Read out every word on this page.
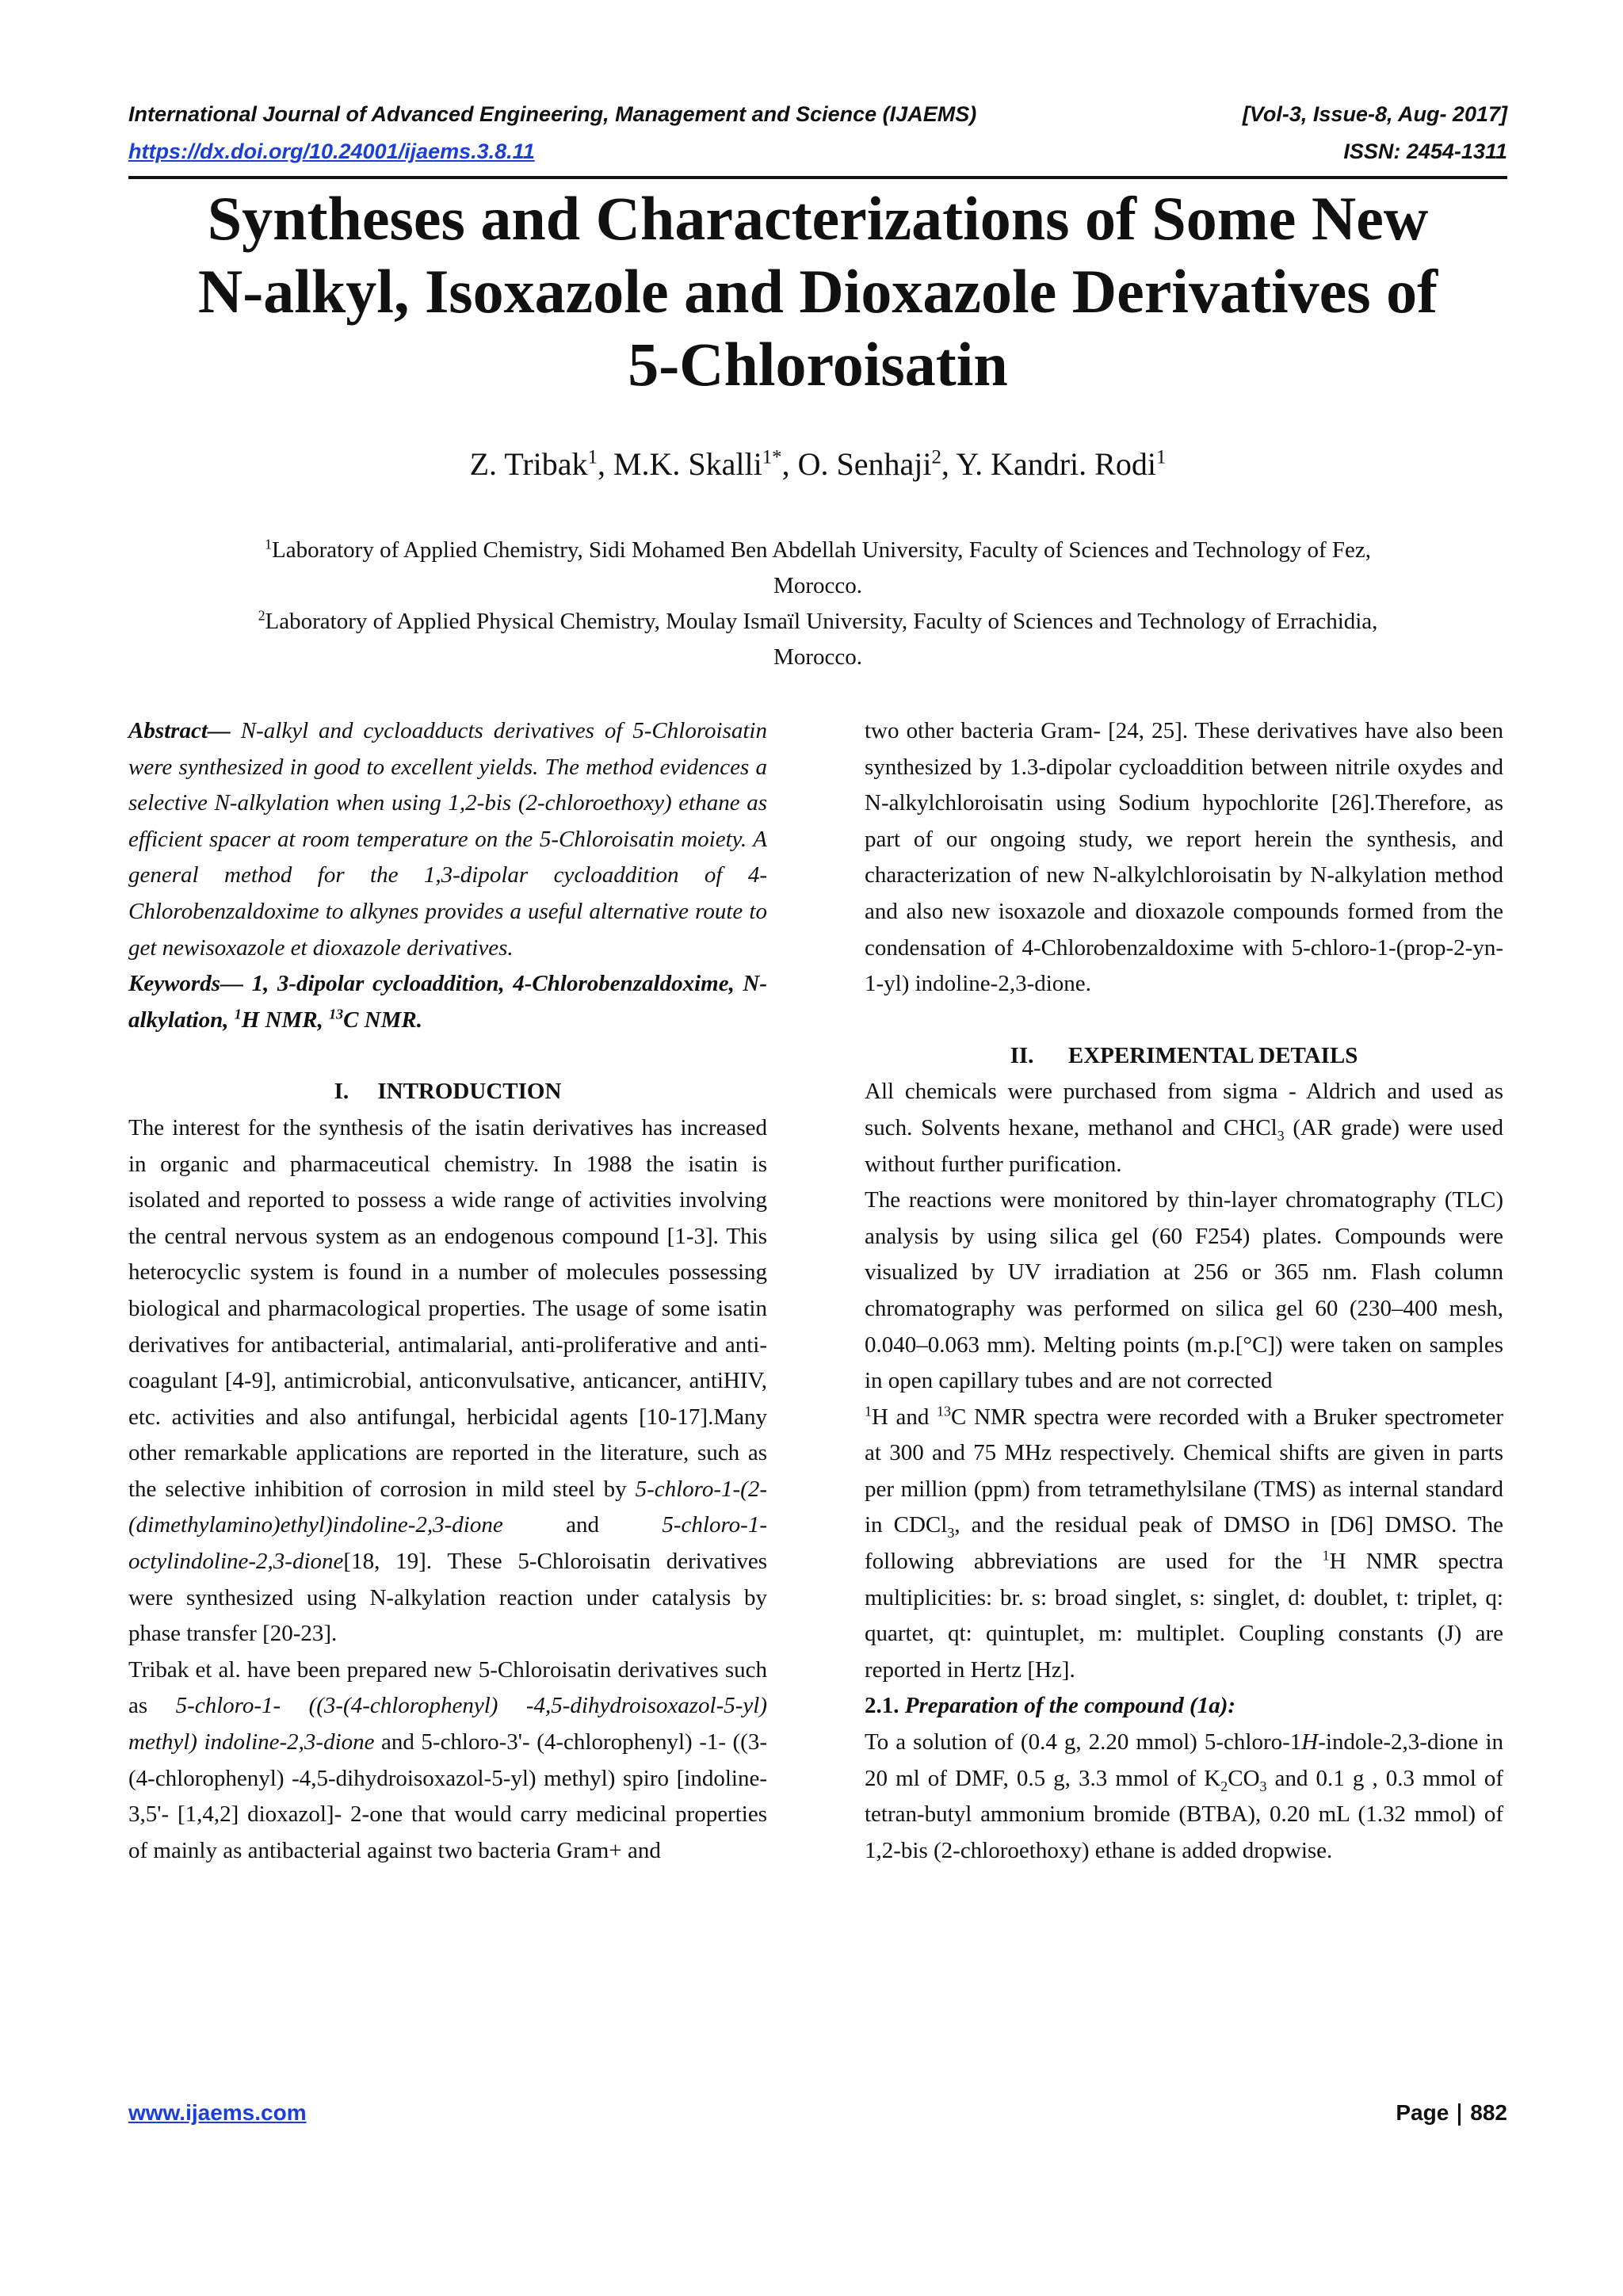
International Journal of Advanced Engineering, Management and Science (IJAEMS)	[Vol-3, Issue-8, Aug- 2017]
https://dx.doi.org/10.24001/ijaems.3.8.11	ISSN: 2454-1311
Syntheses and Characterizations of Some New
N-alkyl, Isoxazole and Dioxazole Derivatives of
5-Chloroisatin
Z. Tribak$^1$, M.K. Skalli$^{1*}$, O. Senhaji$^2$, Y. Kandri. Rodi$^1$
$^1$Laboratory of Applied Chemistry, Sidi Mohamed Ben Abdellah University, Faculty of Sciences and Technology of Fez,
Morocco.
$^2$Laboratory of Applied Physical Chemistry, Moulay Ismaïl University, Faculty of Sciences and Technology of Errachidia,
Morocco.

Abstract— N-alkyl and cycloadducts derivatives of 5-Chloroisatin were synthesized in good to excellent yields. The method evidences a selective N-alkylation when using 1,2-bis (2-chloroethoxy) ethane as efficient spacer at room temperature on the 5-Chloroisatin moiety. A general method for the 1,3-dipolar cycloaddition of 4-Chlorobenzaldoxime to alkynes provides a useful alternative route to get newisoxazole et dioxazole derivatives.

Keywords— 1, 3-dipolar cycloaddition, 4-Chlorobenzaldoxime, N-alkylation, $^1$H NMR, $^{13}$C NMR.

I.     INTRODUCTION

The interest for the synthesis of the isatin derivatives has increased in organic and pharmaceutical chemistry. In 1988 the isatin is isolated and reported to possess a wide range of activities involving the central nervous system as an endogenous compound [1-3]. This heterocyclic system is found in a number of molecules possessing biological and pharmacological properties. The usage of some isatin derivatives for antibacterial, antimalarial, anti-proliferative and anti-coagulant [4-9], antimicrobial, anticonvulsative, anticancer, antiHIV, etc. activities and also antifungal, herbicidal agents [10-17].Many other remarkable applications are reported in the literature, such as the selective inhibition of corrosion in mild steel by 5-chloro-1-(2-(dimethylamino)ethyl)indoline-2,3-dione and 5-chloro-1-octylindoline-2,3-dione[18, 19]. These 5-Chloroisatin derivatives were synthesized using N-alkylation reaction under catalysis by phase transfer [20-23].

Tribak et al. have been prepared new 5-Chloroisatin derivatives such as 5-chloro-1- ((3-(4-chlorophenyl) -4,5-dihydroisoxazol-5-yl) methyl) indoline-2,3-dione and 5-chloro-3'- (4-chlorophenyl) -1- ((3- (4-chlorophenyl) -4,5-dihydroisoxazol-5-yl) methyl) spiro [indoline-3,5'- [1,4,2] dioxazol]- 2-one that would carry medicinal properties of mainly as antibacterial against two bacteria Gram+ and

two other bacteria Gram- [24, 25]. These derivatives have also been synthesized by 1.3-dipolar cycloaddition between nitrile oxydes and N-alkylchloroisatin using Sodium hypochlorite [26].Therefore, as part of our ongoing study, we report herein the synthesis, and characterization of new N-alkylchloroisatin by N-alkylation method and also new isoxazole and dioxazole compounds formed from the condensation of 4-Chlorobenzaldoxime with 5-chloro-1-(prop-2-yn-1-yl) indoline-2,3-dione.

II.      EXPERIMENTAL DETAILS

All chemicals were purchased from sigma - Aldrich and used as such. Solvents hexane, methanol and CHCl$_3$ (AR grade) were used without further purification.

The reactions were monitored by thin-layer chromatography (TLC) analysis by using silica gel (60 F254) plates. Compounds were visualized by UV irradiation at 256 or 365 nm. Flash column chromatography was performed on silica gel 60 (230–400 mesh, 0.040–0.063 mm). Melting points (m.p.[°C]) were taken on samples in open capillary tubes and are not corrected

$^1$H and $^{13}$C NMR spectra were recorded with a Bruker spectrometer at 300 and 75 MHz respectively. Chemical shifts are given in parts per million (ppm) from tetramethylsilane (TMS) as internal standard in CDCl$_3$, and the residual peak of DMSO in [D6] DMSO. The following abbreviations are used for the $^1$H NMR spectra multiplicities: br. s: broad singlet, s: singlet, d: doublet, t: triplet, q: quartet, qt: quintuplet, m: multiplet. Coupling constants (J) are reported in Hertz [Hz].

2.1. Preparation of the compound (1a):

To a solution of (0.4 g, 2.20 mmol) 5-chloro-1H-indole-2,3-dione in 20 ml of DMF, 0.5 g, 3.3 mmol of $K_2CO_3$ and 0.1 g , 0.3 mmol of tetran-butyl ammonium bromide (BTBA), 0.20 mL (1.32 mmol) of 1,2-bis (2-chloroethoxy) ethane is added dropwise.

www.ijaems.com	Page 882
